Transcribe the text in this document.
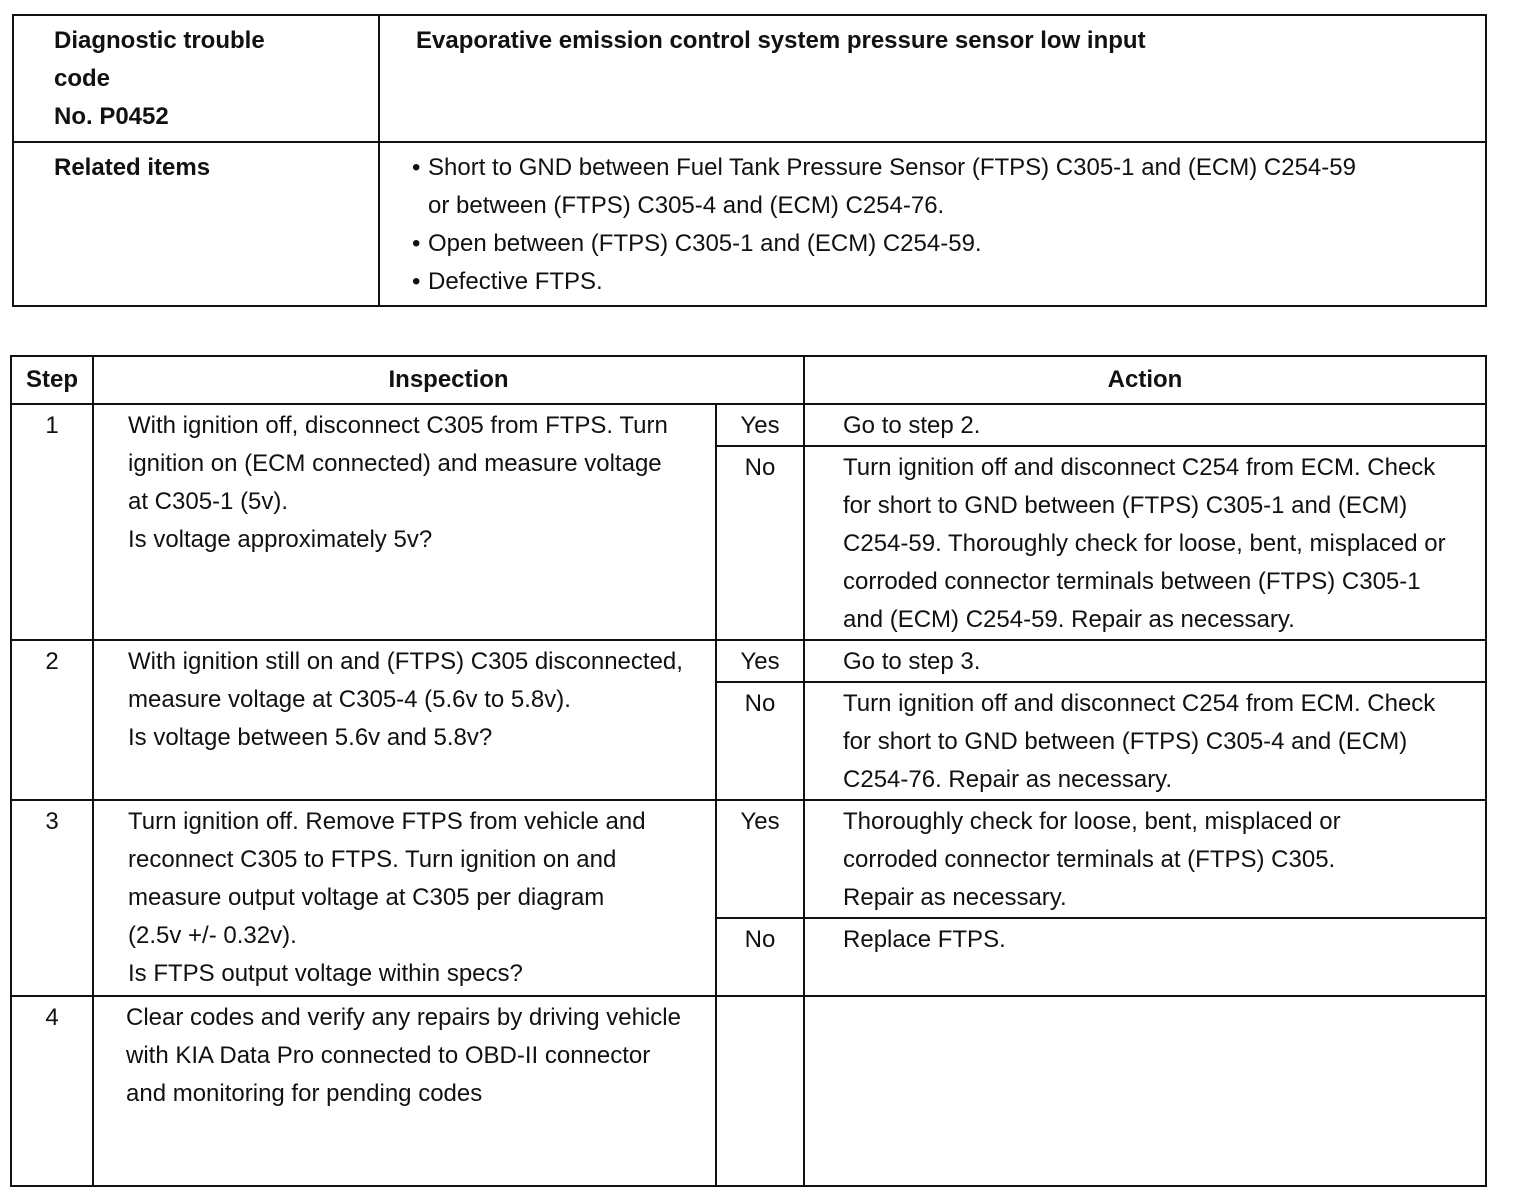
Diagnostic trouble
code
No. P0452	Evaporative emission control system pressure sensor low input

Related items	• Short to GND between Fuel Tank Pressure Sensor (FTPS) C305-1 and (ECM) C254-59
or between (FTPS) C305-4 and (ECM) C254-76.
• Open between (FTPS) C305-1 and (ECM) C254-59.
• Defective FTPS.
Step	Inspection		Action
1	With ignition off, disconnect C305 from FTPS. Turn
ignition on (ECM connected) and measure voltage
at C305-1 (5v).
Is voltage approximately 5v?	Yes	Go to step 2.

		No	Turn ignition off and disconnect C254 from ECM. Check
for short to GND between (FTPS) C305-1 and (ECM)
C254-59. Thoroughly check for loose, bent, misplaced or
corroded connector terminals between (FTPS) C305-1
and (ECM) C254-59. Repair as necessary.

2	With ignition still on and (FTPS) C305 disconnected,
measure voltage at C305-4 (5.6v to 5.8v).
Is voltage between 5.6v and 5.8v?	Yes	Go to step 3.

		No	Turn ignition off and disconnect C254 from ECM. Check
for short to GND between (FTPS) C305-4 and (ECM)
C254-76. Repair as necessary.

3	Turn ignition off. Remove FTPS from vehicle and
reconnect C305 to FTPS. Turn ignition on and
measure output voltage at C305 per diagram
(2.5v +/- 0.32v).
Is FTPS output voltage within specs?	Yes	Thoroughly check for loose, bent, misplaced or
corroded connector terminals at (FTPS) C305.
Repair as necessary.

		No	Replace FTPS.

4	Clear codes and verify any repairs by driving vehicle
with KIA Data Pro connected to OBD-II connector
and monitoring for pending codes		
